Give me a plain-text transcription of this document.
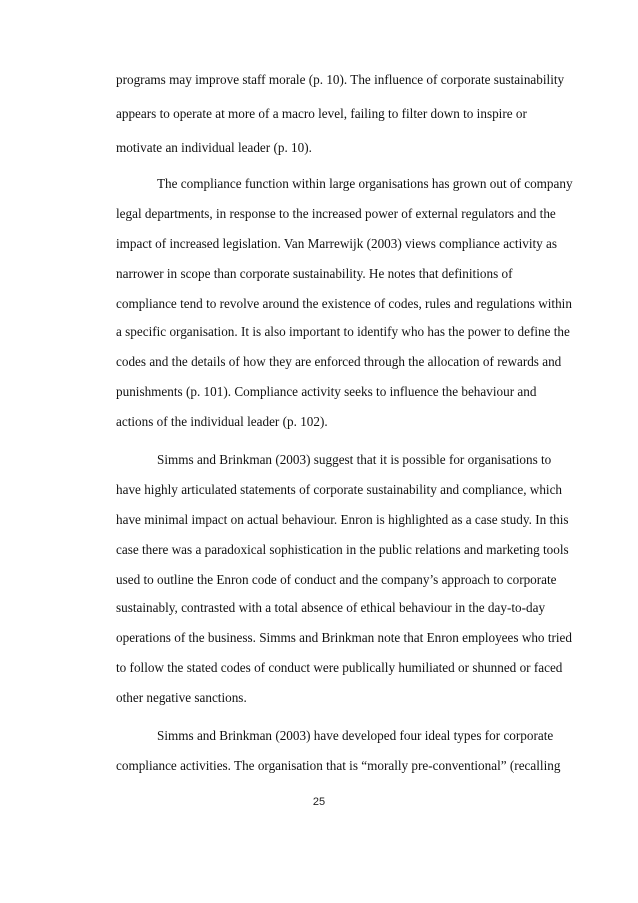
programs may improve staff morale (p. 10). The influence of corporate sustainability

appears to operate at more of a macro level, failing to filter down to inspire or

motivate an individual leader (p. 10).

The compliance function within large organisations has grown out of company

legal departments, in response to the increased power of external regulators and the

impact of increased legislation. Van Marrewijk (2003) views compliance activity as

narrower in scope than corporate sustainability. He notes that definitions of

compliance tend to revolve around the existence of codes, rules and regulations within

a specific organisation. It is also important to identify who has the power to define the

codes and the details of how they are enforced through the allocation of rewards and

punishments (p. 101). Compliance activity seeks to influence the behaviour and

actions of the individual leader (p. 102).

Simms and Brinkman (2003) suggest that it is possible for organisations to

have highly articulated statements of corporate sustainability and compliance, which

have minimal impact on actual behaviour. Enron is highlighted as a case study. In this

case there was a paradoxical sophistication in the public relations and marketing tools

used to outline the Enron code of conduct and the company’s approach to corporate

sustainably, contrasted with a total absence of ethical behaviour in the day-to-day

operations of the business. Simms and Brinkman note that Enron employees who tried

to follow the stated codes of conduct were publically humiliated or shunned or faced

other negative sanctions.

Simms and Brinkman (2003) have developed four ideal types for corporate

compliance activities. The organisation that is “morally pre-conventional” (recalling

25
